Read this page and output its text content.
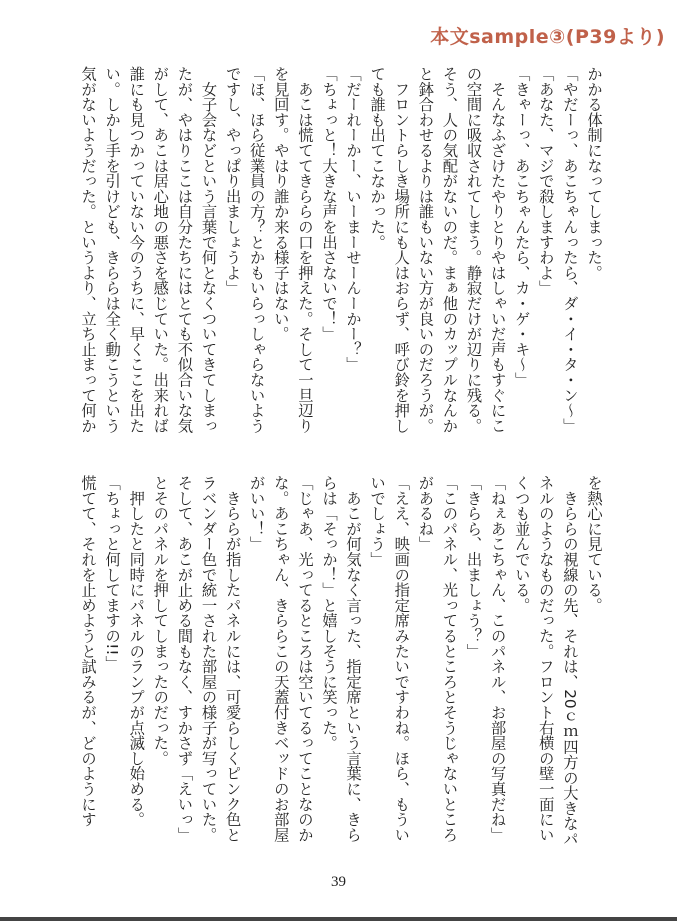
本文sample③(P39より)
かかる体制になってしまった。
「やだーっ、あこちゃんったら、ダ・イ・タ・ン～」
「あなた、マジで殺しますわよ」
「きゃーっ、あこちゃんたら、カ・ゲ・キ～」
　そんなふざけたやりとりやはしゃいだ声もすぐにこ
の空間に吸収されてしまう。静寂だけが辺りに残る。
そう、人の気配がないのだ。まぁ他のカップルなんか
と鉢合わせるよりは誰もいない方が良いのだろうが。
　フロントらしき場所にも人はおらず、呼び鈴を押し
ても誰も出てこなかった。
「だーれーかー、いーまーせーんーかー？」
「ちょっと！大きな声を出さないで！」
　あこは慌ててきららの口を押えた。そして一旦辺り
を見回す。やはり誰か来る様子はない。
「ほ、ほら従業員の方？とかもいらっしゃらないよう
ですし、やっぱり出ましょうよ」
　女子会などという言葉で何となくついてきてしまっ
たが、やはりここは自分たちにはとても不似合いな気
がして、あこは居心地の悪さを感じていた。出来れば
誰にも見つかっていない今のうちに、早くここを出た
い。しかし手を引けども、きららは全く動こうという
気がないようだった。というより、立ち止まって何か
を熱心に見ている。
　きららの視線の先、それは、20ｃｍ四方の大きなパ
ネルのようなものだった。フロント右横の壁一面にい
くつも並んでいる。
「ねぇあこちゃん、このパネル、お部屋の写真だね」
「きらら、出ましょう？」
「このパネル、光ってるところとそうじゃないところ
があるね」
「ええ、映画の指定席みたいですわね。ほら、もうい
いでしょう」
　あこが何気なく言った、指定席という言葉に、きら
らは「そっか！」と嬉しそうに笑った。
「じゃあ、光ってるところは空いてるってことなのか
な。あこちゃん、きららこの天蓋付きベッドのお部屋
がいい！」
　きららが指したパネルには、可愛らしくピンク色と
ラベンダー色で統一された部屋の様子が写っていた。
そして、あこが止める間もなく、すかさず「えいっ」
とそのパネルを押してしまったのだった。
　押したと同時にパネルのランプが点滅し始める。
「ちょっと何してますの!!」
慌てて、それを止めようと試みるが、どのようにす
39
